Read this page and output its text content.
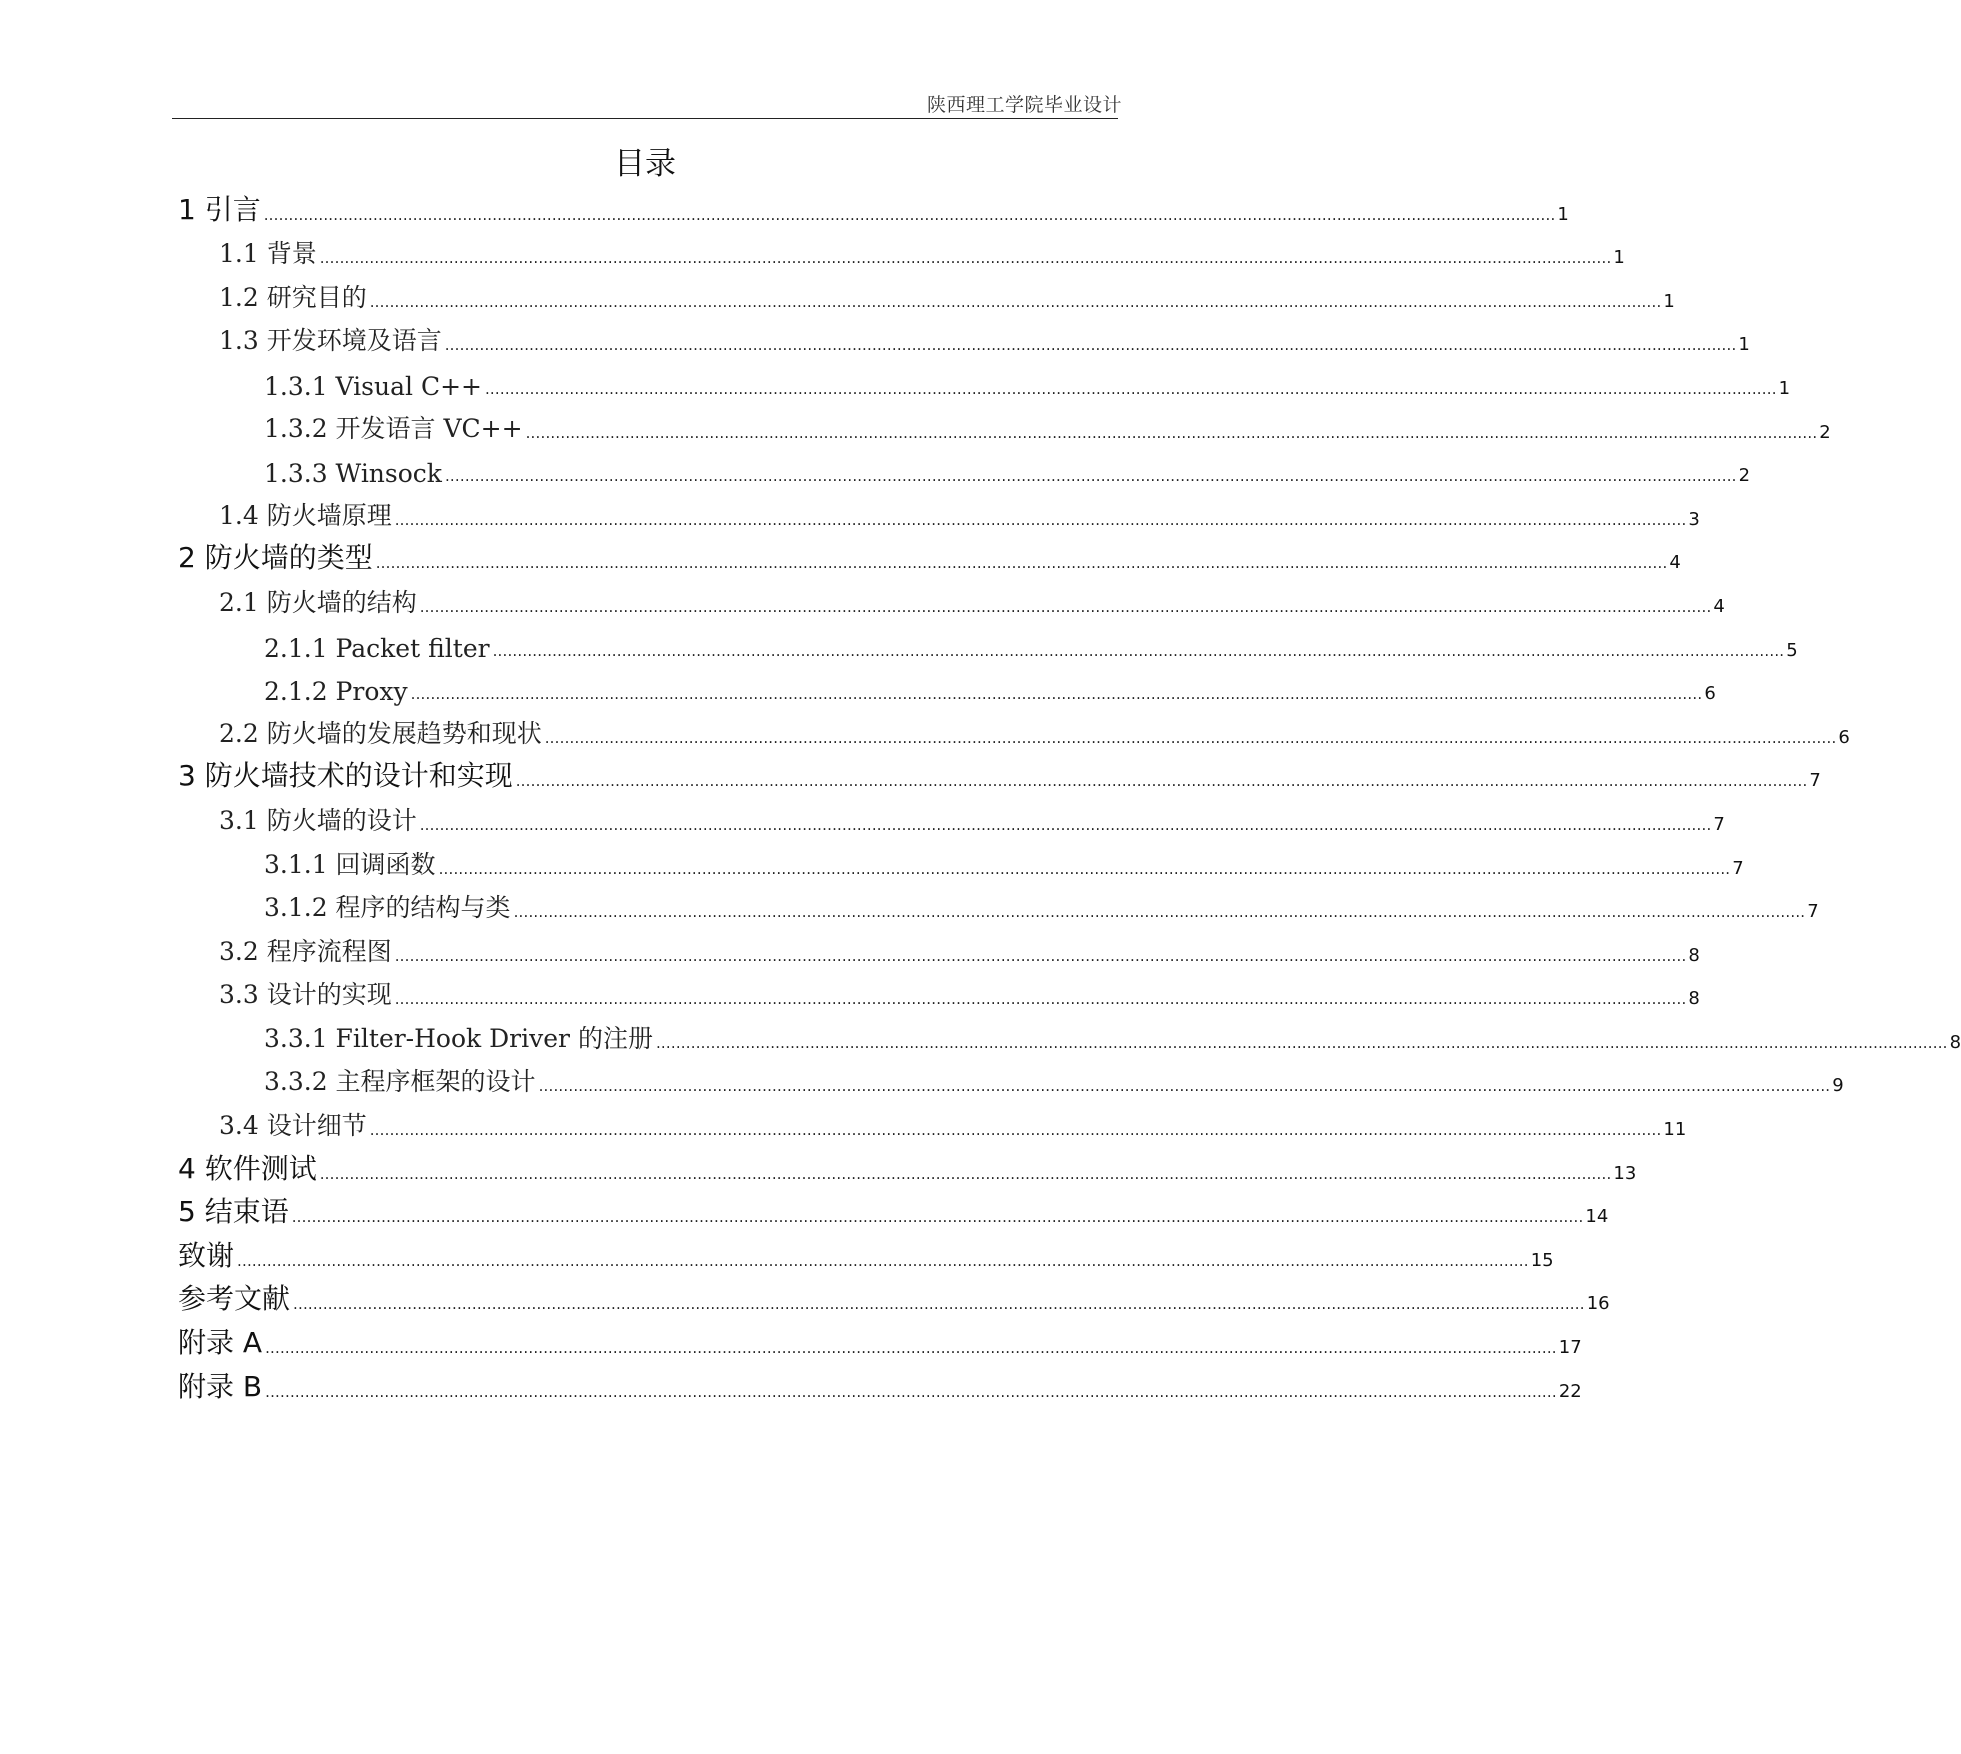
陕西理工学院毕业设计
目录
1 引言 .................................................................................................................................................................................................................................................................... 1
1.1 背景 .................................................................................................................................................................................................................................................................... 1
1.2 研究目的 .................................................................................................................................................................................................................................................................... 1
1.3 开发环境及语言 .................................................................................................................................................................................................................................................................... 1
1.3.1 Visual C++ .................................................................................................................................................................................................................................................................... 1
1.3.2 开发语言 VC++ .................................................................................................................................................................................................................................................................... 2
1.3.3 Winsock .................................................................................................................................................................................................................................................................... 2
1.4 防火墙原理 .................................................................................................................................................................................................................................................................... 3
2 防火墙的类型 .................................................................................................................................................................................................................................................................... 4
2.1 防火墙的结构 .................................................................................................................................................................................................................................................................... 4
2.1.1 Packet filter .................................................................................................................................................................................................................................................................... 5
2.1.2 Proxy .................................................................................................................................................................................................................................................................... 6
2.2 防火墙的发展趋势和现状 .................................................................................................................................................................................................................................................................... 6
3 防火墙技术的设计和实现 .................................................................................................................................................................................................................................................................... 7
3.1 防火墙的设计 .................................................................................................................................................................................................................................................................... 7
3.1.1 回调函数 .................................................................................................................................................................................................................................................................... 7
3.1.2 程序的结构与类 .................................................................................................................................................................................................................................................................... 7
3.2 程序流程图 .................................................................................................................................................................................................................................................................... 8
3.3 设计的实现 .................................................................................................................................................................................................................................................................... 8
3.3.1 Filter-Hook Driver 的注册 .................................................................................................................................................................................................................................................................... 8
3.3.2 主程序框架的设计 .................................................................................................................................................................................................................................................................... 9
3.4 设计细节 .................................................................................................................................................................................................................................................................... 11
4 软件测试 .................................................................................................................................................................................................................................................................... 13
5 结束语 .................................................................................................................................................................................................................................................................... 14
致谢 .................................................................................................................................................................................................................................................................... 15
参考文献 .................................................................................................................................................................................................................................................................... 16
附录 A .................................................................................................................................................................................................................................................................... 17
附录 B .................................................................................................................................................................................................................................................................... 22
